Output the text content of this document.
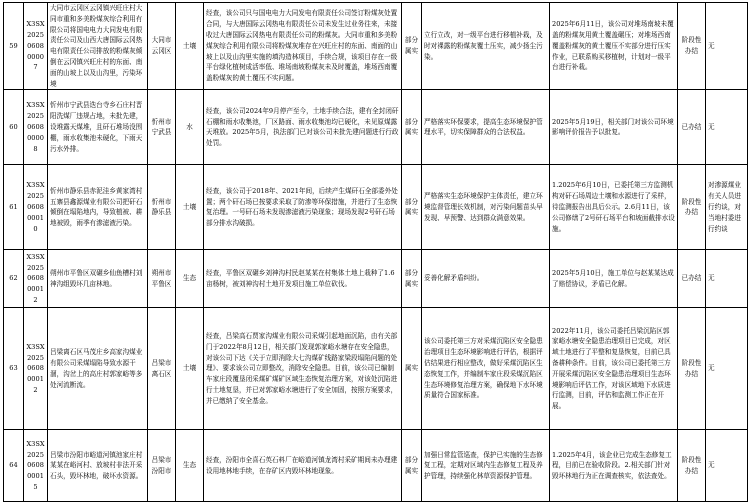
59	X3SX2025060800007	大同市云冈区云冈镇兴旺庄村大同市重和多美粉煤灰综合利用有限公司将国电电力大同发电有限责任公司及山西大唐国际云冈热电有限责任公司排放的粉煤灰倾倒在云冈镇兴旺庄村的东面、南面的山坡上以及山沟里，污染环境	大同市云冈区	土壤	经查，该公司只与国电电力大同发电有限责任公司签订粉煤灰处置合同，与大唐国际云冈热电有限责任公司未发生过业务往来，未接收过大唐国际云冈热电有限责任公司的粉煤灰。大同市重和多美粉煤灰综合利用有限公司将粉煤灰堆存在兴旺庄村的东面、南面的山坡上以及山沟里实施的填沟造林项目，手续合规，该项目存在一级平台绿化植树成活率低、堆场南坡粉煤灰未及时覆盖，堆场西南覆盖粉煤灰的黄土覆压不实问题。	部分属实	立行立改，对一级平台进行移植补栽，及时对裸露的粉煤灰覆土压实，减少扬尘污染。	2025年6月11日，该公司对堆场南坡未覆盖的粉煤灰用黄土覆盖碾压；对堆场西南覆盖粉煤灰的黄土覆压不实部分进行压实作业，已联系购买移植树，计划对一级平台进行补栽。	阶段性办结	无
60	X3SX2025060800008	忻州市宁武县迭台寺乡石庄村晋阳洗煤厂违规占地，未批先建，设堆露天煤堆，且矸石堆场没围棚，雨水收集池未硬化，下雨天污水外排。	忻州市宁武县	水	经查，该公司2024年9月停产至今，土地手续合法，建有全封闭矸石棚和雨水收集池，厂区路面、雨水收集池均已硬化，未见原煤露天堆放。2025年5月，执法部门已对该公司未批先建问题进行行政处罚。	部分属实	严格落实环保要求，提高生态环境保护管理水平，切实保障群众的合法权益。	2025年5月19日，相关部门对该公司环境影响评价报告予以批复。	已办结	无
61	X3SX2025060800010	忻州市静乐县赤泥洼乡黄家湾村五寨县鑫源煤业有限公司把矸石倾倒在塌陷地内，导致植被、耕地被毁，雨季有渗滤液污染。	忻州市静乐县	土壤	经查，该公司于2018年、2021年间，后续产生煤矸石全部委外处置；两个矸石场已按要求采取了防渗等环保措施，并进行了生态恢复治理。一号矸石场未发现渗滤液污染现象；现场发现2号矸石场部分排水沟破损。	部分属实	严格落实生态环境保护主体责任，建立环境监督管理长效机制，对污染问题苗头早发现、早预警、达到群众满意效果。	1.2025年6月10日，已委托第三方监测机构对矸石场周边土壤和水源进行了采样，待监测报告出具后公示。2.6月11日，该公司修缮了2号矸石场平台和坡面截排水设施。	阶段性办结	对渗源煤业有关人员进行约谈，对当地村委进行约谈
62	X3SX2025060800012	朔州市平鲁区双碾乡仙鱼槽村刘神沟组毁坏几亩林地。	朔州市平鲁区	生态	经查，平鲁区双碾乡刘神沟村民赵某某在村集体土地上栽种了1.6亩杨树，被刘神沟村土地开发项目施工单位砍伐。	部分属实	妥善化解矛盾纠纷。	2025年5月10日，施工单位与赵某某达成了赔偿协议，矛盾已化解。	已办结	无
63	X3SX2025060800012	吕梁离石区马茂庄乡高家沟煤业有限公司采煤塌陷导致水源干涸，沟岔上的高庄村郭家峪等多处河流断流。	吕梁市离石区	土壤	经查，吕梁高石贾家沟煤业有限公司采煤引起地面沉陷，由有关部门于2022年8月12日，相关部门发现郭家峪水塘存在安全隐患，对该公司下达《关于立即消除大七沟煤矿线路家梁段塌陷问题的处理》、要求该公司立即整改，消除安全隐患。目前，该公司已编制车家庄段覆垦闭采煤矿煤矿区域生态恢复治理方案，对该处沉陷进行土地复垦，并已对郭家峪水塘进行了安全加固，按照方案要求，并已缴纳了安全基金。	属实	该公司委托第三方对采煤沉陷区安全隐患治理项目生态环境影响进行评估，根据评估结果进行相应整改，做好采煤沉陷区生态恢复工作，并编制车家庄段采煤沉陷区生态环境修复治理方案，确保地下水环境质量符合国家标准。	2022年11月，该公司委托吕梁沉陷区郭家峪水塘安全隐患治理项目已完成，对区域土地进行了平整和复垦恢复，目前已具备耕种条件。目前，该公司已委托第三方开展采煤沉陷区安全隐患治理项目生态环境影响后评估工作，对该区域地下水质进行监测，目前，评估和监测工作正在开展。	阶段性办结	无
64	X3SX2025060800015	吕梁市汾阳市峪道河镇池家庄村某某在峪河村、放坡村非法开采石头，毁坏林地，破坏水资源。	吕梁市汾阳市	生态	经查，汾阳市全喜石英石料厂在峪道河镇龙湾村采矿期间未办理建设用地林地手续，在存矿区内毁坏林地现象。	部分属实	加强日常监管巡查，保护已实施的生态修复工程，定期对区域内生态修复工程及养护管理，持续强化林草资源保护管理。	1.2025年4月，该企业已完成生态修复工程，目前已在验收阶段。2.相关部门针对毁坏林地行为正在调查核实，依法查处。	阶段性办结	无
